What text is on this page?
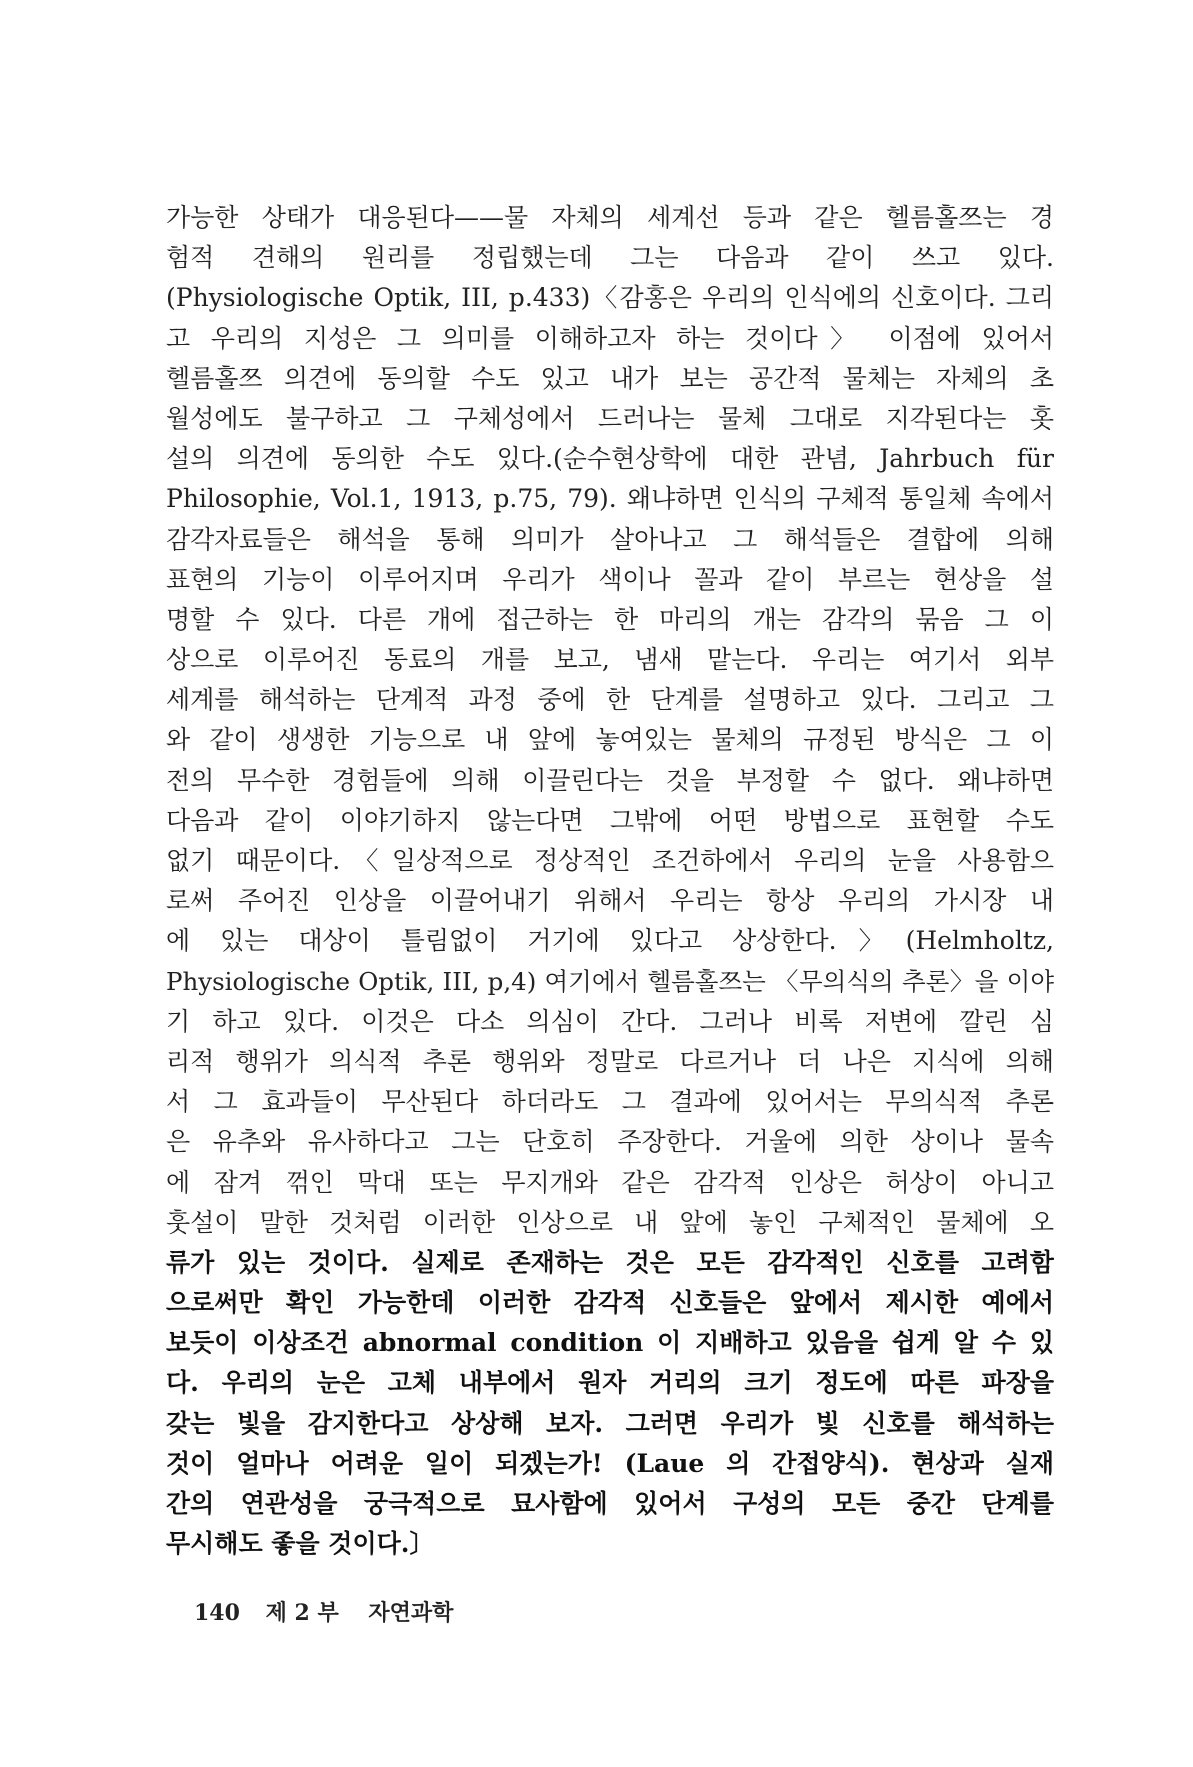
가능한 상태가 대응된다——물 자체의 세계선 등과 같은 헬름홀쯔는 경
험적 견해의 원리를 정립했는데 그는 다음과 같이 쓰고 있다.
(Physiologische Optik, III, p.433)〈감홍은 우리의 인식에의 신호이다. 그리
고 우리의 지성은 그 의미를 이해하고자 하는 것이다〉 이점에 있어서
헬름홀쯔 의견에 동의할 수도 있고 내가 보는 공간적 물체는 자체의 초
월성에도 불구하고 그 구체성에서 드러나는 물체 그대로 지각된다는 홋
설의 의견에 동의한 수도 있다.(순수현상학에 대한 관념, Jahrbuch für
Philosophie, Vol.1, 1913, p.75, 79). 왜냐하면 인식의 구체적 통일체 속에서
감각자료들은 해석을 통해 의미가 살아나고 그 해석들은 결합에 의해
표현의 기능이 이루어지며 우리가 색이나 꼴과 같이 부르는 현상을 설
명할 수 있다. 다른 개에 접근하는 한 마리의 개는 감각의 묶음 그 이
상으로 이루어진 동료의 개를 보고, 냄새 맡는다. 우리는 여기서 외부
세계를 해석하는 단계적 과정 중에 한 단계를 설명하고 있다. 그리고 그
와 같이 생생한 기능으로 내 앞에 놓여있는 물체의 규정된 방식은 그 이
전의 무수한 경험들에 의해 이끌린다는 것을 부정할 수 없다. 왜냐하면
다음과 같이 이야기하지 않는다면 그밖에 어떤 방법으로 표현할 수도
없기 때문이다.〈일상적으로 정상적인 조건하에서 우리의 눈을 사용함으
로써 주어진 인상을 이끌어내기 위해서 우리는 항상 우리의 가시장 내
에 있는 대상이 틀림없이 거기에 있다고 상상한다.〉(Helmholtz,
Physiologische Optik, III, p,4) 여기에서 헬름홀쯔는 〈무의식의 추론〉을 이야
기 하고 있다. 이것은 다소 의심이 간다. 그러나 비록 저변에 깔린 심
리적 행위가 의식적 추론 행위와 정말로 다르거나 더 나은 지식에 의해
서 그 효과들이 무산된다 하더라도 그 결과에 있어서는 무의식적 추론
은 유추와 유사하다고 그는 단호히 주장한다. 거울에 의한 상이나 물속
에 잠겨 꺾인 막대 또는 무지개와 같은 감각적 인상은 허상이 아니고
훗설이 말한 것처럼 이러한 인상으로 내 앞에 놓인 구체적인 물체에 오
류가 있는 것이다. 실제로 존재하는 것은 모든 감각적인 신호를 고려함
으로써만 확인 가능한데 이러한 감각적 신호들은 앞에서 제시한 예에서
보듯이 이상조건 abnormal condition 이 지배하고 있음을 쉽게 알 수 있
다. 우리의 눈은 고체 내부에서 원자 거리의 크기 정도에 따른 파장을
갖는 빛을 감지한다고 상상해 보자. 그러면 우리가 빛 신호를 해석하는
것이 얼마나 어려운 일이 되겠는가! (Laue 의 간접양식). 현상과 실재
간의 연관성을 궁극적으로 묘사함에 있어서 구성의 모든 중간 단계를
무시해도 좋을 것이다.〕
140 제 2 부 자연과학
